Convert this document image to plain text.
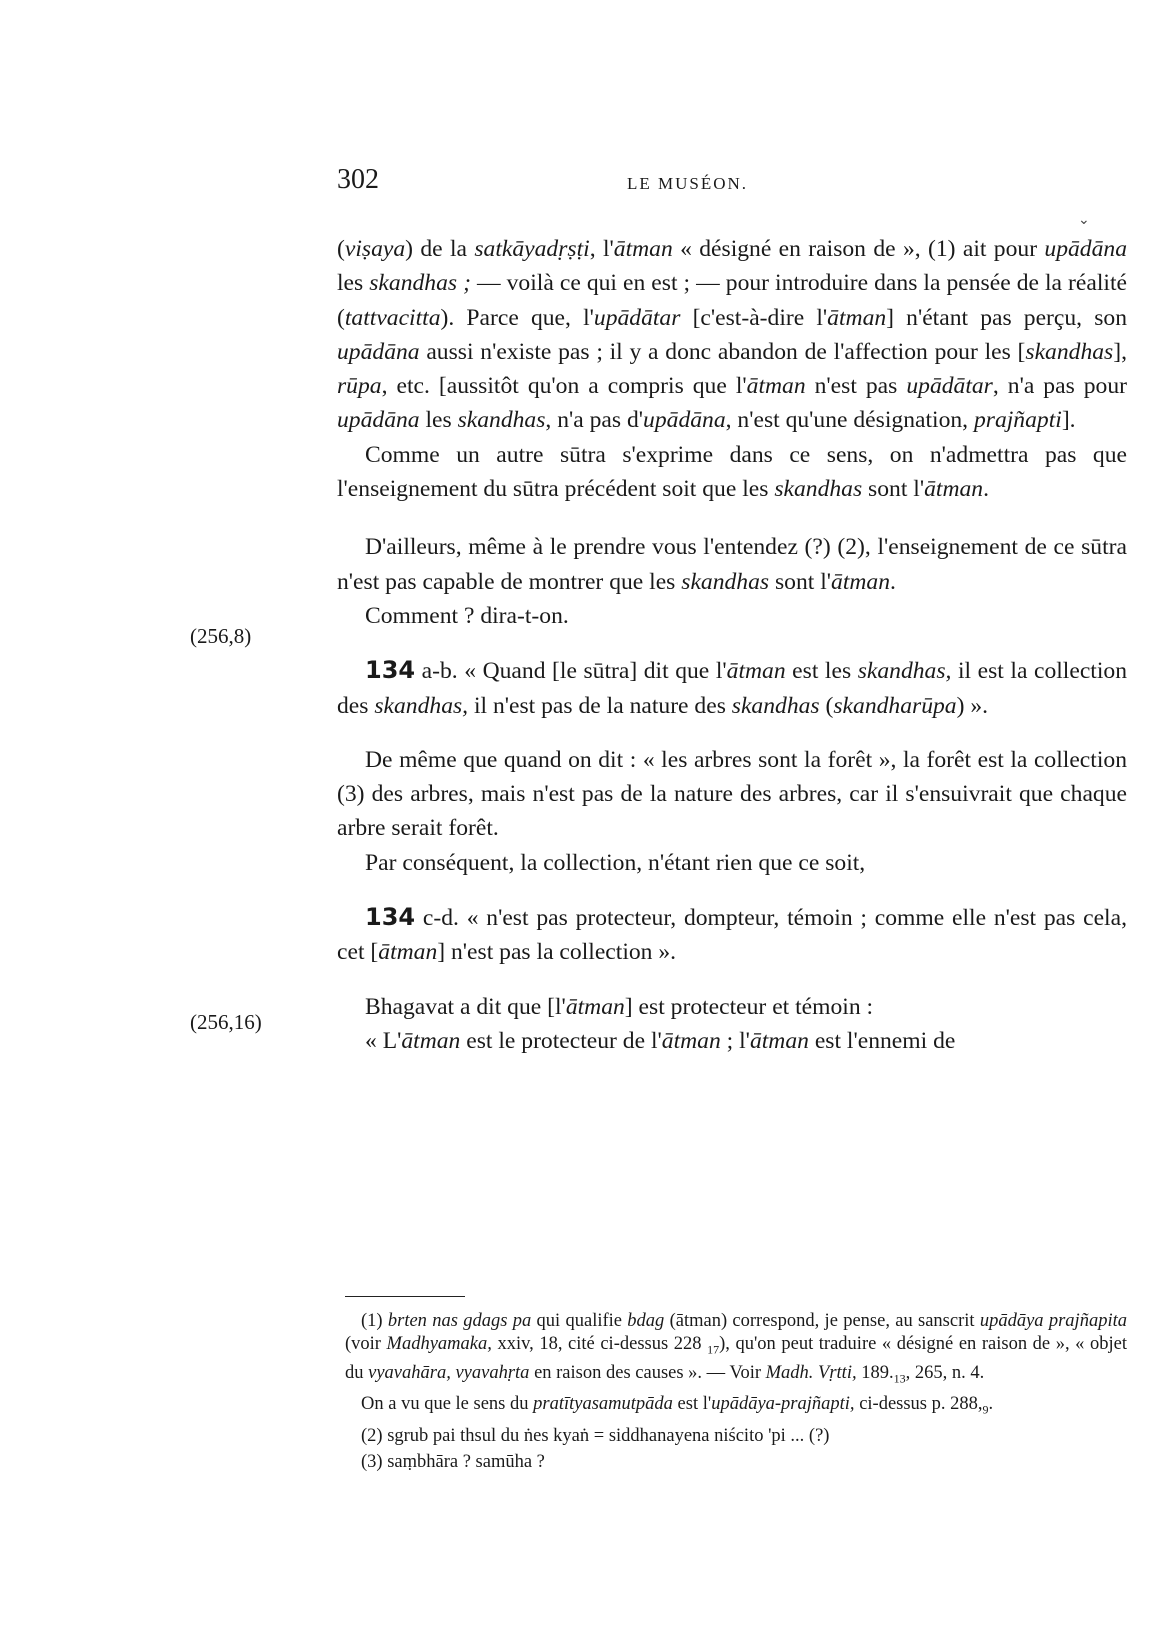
302	LE MUSÉON.
(256,8)
(256,16)
⌄

(viṣaya) de la satkāyadṛṣṭi, l'ātman « désigné en raison de », (1) ait pour upādāna les skandhas ; — voilà ce qui en est ; — pour introduire dans la pensée de la réalité (tattvacitta). Parce que, l'upādātar [c'est-à-dire l'ātman] n'étant pas perçu, son upādāna aussi n'existe pas ; il y a donc abandon de l'affection pour les [skandhas], rūpa, etc. [aussitôt qu'on a compris que l'ātman n'est pas upādātar, n'a pas pour upādāna les skandhas, n'a pas d'upādāna, n'est qu'une désignation, prajñapti].

Comme un autre sūtra s'exprime dans ce sens, on n'admettra pas que l'enseignement du sūtra précédent soit que les skandhas sont l'ātman.

D'ailleurs, même à le prendre vous l'entendez (?) (2), l'enseignement de ce sūtra n'est pas capable de montrer que les skandhas sont l'ātman.

Comment ? dira-t-on.

134 a-b. « Quand [le sūtra] dit que l'ātman est les skandhas, il est la collection des skandhas, il n'est pas de la nature des skandhas (skandharūpa) ».

De même que quand on dit : « les arbres sont la forêt », la forêt est la collection (3) des arbres, mais n'est pas de la nature des arbres, car il s'ensuivrait que chaque arbre serait forêt.

Par conséquent, la collection, n'étant rien que ce soit,

134 c-d. « n'est pas protecteur, dompteur, témoin ; comme elle n'est pas cela, cet [ātman] n'est pas la collection ».

Bhagavat a dit que [l'ātman] est protecteur et témoin :

« L'ātman est le protecteur de l'ātman ; l'ātman est l'ennemi de

(1) brten nas gdags pa qui qualifie bdag (ātman) correspond, je pense, au sanscrit upādāya prajñapita (voir Madhyamaka, xxiv, 18, cité ci-dessus 228 $_{17}$), qu'on peut traduire « désigné en raison de », « objet du vyavahāra, vyavahṛta en raison des causes ». — Voir Madh. Vṛtti, $189._{13}$, 265, n. 4.

On a vu que le sens du pratītyasamutpāda est l'upādāya-prajñapti, ci-dessus p. $288,_9$.

(2) sgrub pai thsul du ṅes kyaṅ = siddhanayena niścito 'pi ... (?)

(3) saṃbhāra ? samūha ?
